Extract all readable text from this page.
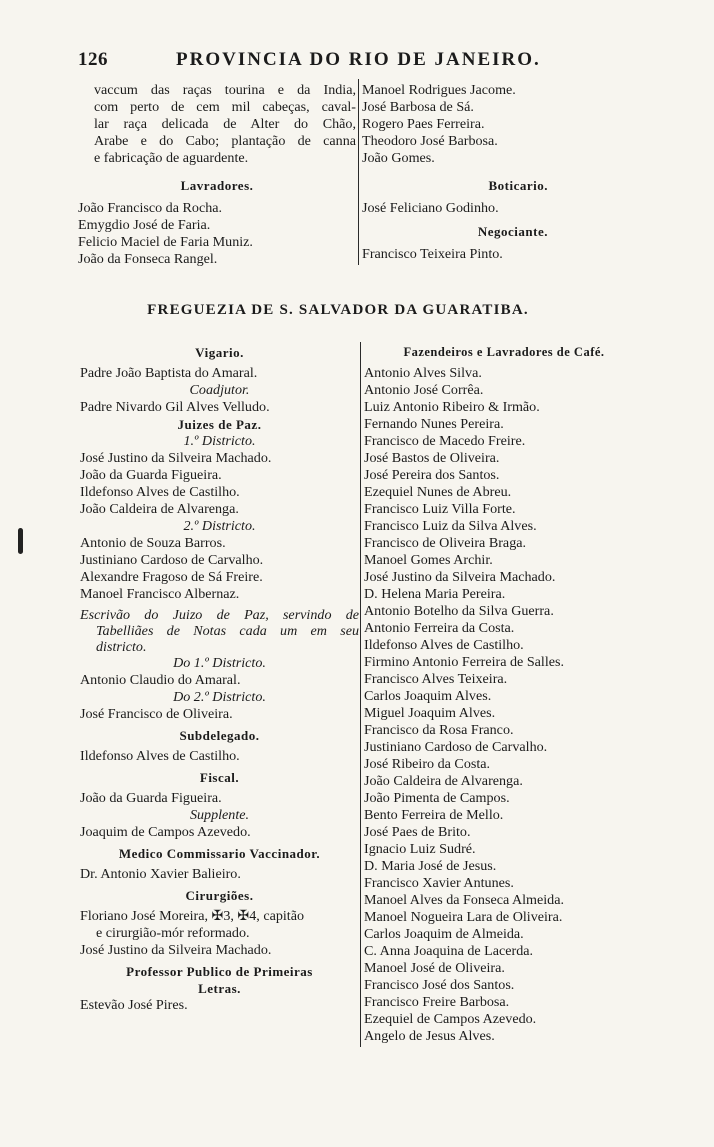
126	PROVINCIA DO RIO DE JANEIRO.
vaccum das raças tourina e da India,
com perto de cem mil cabeças, caval-
lar raça delicada de Alter do Chão,
Arabe e do Cabo; plantação de canna
e fabricação de aguardente.
Lavradores.
João Francisco da Rocha.
Emygdio José de Faria.
Felicio Maciel de Faria Muniz.
João da Fonseca Rangel.
Manoel Rodrigues Jacome.
José Barbosa de Sá.
Rogero Paes Ferreira.
Theodoro José Barbosa.
João Gomes.
Boticario.
José Feliciano Godinho.
Negociante.
Francisco Teixeira Pinto.
FREGUEZIA DE S. SALVADOR DA GUARATIBA.
Vigario.
Padre João Baptista do Amaral.
Coadjutor.
Padre Nivardo Gil Alves Velludo.
Juizes de Paz.
1.º Districto.
José Justino da Silveira Machado.
João da Guarda Figueira.
Ildefonso Alves de Castilho.
João Caldeira de Alvarenga.
2.º Districto.
Antonio de Souza Barros.
Justiniano Cardoso de Carvalho.
Alexandre Fragoso de Sá Freire.
Manoel Francisco Albernaz.
Escrivão do Juizo de Paz, servindo de
Tabelliães de Notas cada um em seu
districto.
Do 1.º Districto.
Antonio Claudio do Amaral.
Do 2.º Districto.
José Francisco de Oliveira.
Subdelegado.
Ildefonso Alves de Castilho.
Fiscal.
João da Guarda Figueira.
Supplente.
Joaquim de Campos Azevedo.
Medico Commissario Vaccinador.
Dr. Antonio Xavier Balieiro.
Cirurgiões.
Floriano José Moreira, ✠3, ✠4, capitão
e cirurgião-mór reformado.
José Justino da Silveira Machado.
Professor Publico de Primeiras
Letras.
Estevão José Pires.
Fazendeiros e Lavradores de Café.
Antonio Alves Silva.
Antonio José Corrêa.
Luiz Antonio Ribeiro & Irmão.
Fernando Nunes Pereira.
Francisco de Macedo Freire.
José Bastos de Oliveira.
José Pereira dos Santos.
Ezequiel Nunes de Abreu.
Francisco Luiz Villa Forte.
Francisco Luiz da Silva Alves.
Francisco de Oliveira Braga.
Manoel Gomes Archir.
José Justino da Silveira Machado.
D. Helena Maria Pereira.
Antonio Botelho da Silva Guerra.
Antonio Ferreira da Costa.
Ildefonso Alves de Castilho.
Firmino Antonio Ferreira de Salles.
Francisco Alves Teixeira.
Carlos Joaquim Alves.
Miguel Joaquim Alves.
Francisco da Rosa Franco.
Justiniano Cardoso de Carvalho.
José Ribeiro da Costa.
João Caldeira de Alvarenga.
João Pimenta de Campos.
Bento Ferreira de Mello.
José Paes de Brito.
Ignacio Luiz Sudré.
D. Maria José de Jesus.
Francisco Xavier Antunes.
Manoel Alves da Fonseca Almeida.
Manoel Nogueira Lara de Oliveira.
Carlos Joaquim de Almeida.
C. Anna Joaquina de Lacerda.
Manoel José de Oliveira.
Francisco José dos Santos.
Francisco Freire Barbosa.
Ezequiel de Campos Azevedo.
Angelo de Jesus Alves.
